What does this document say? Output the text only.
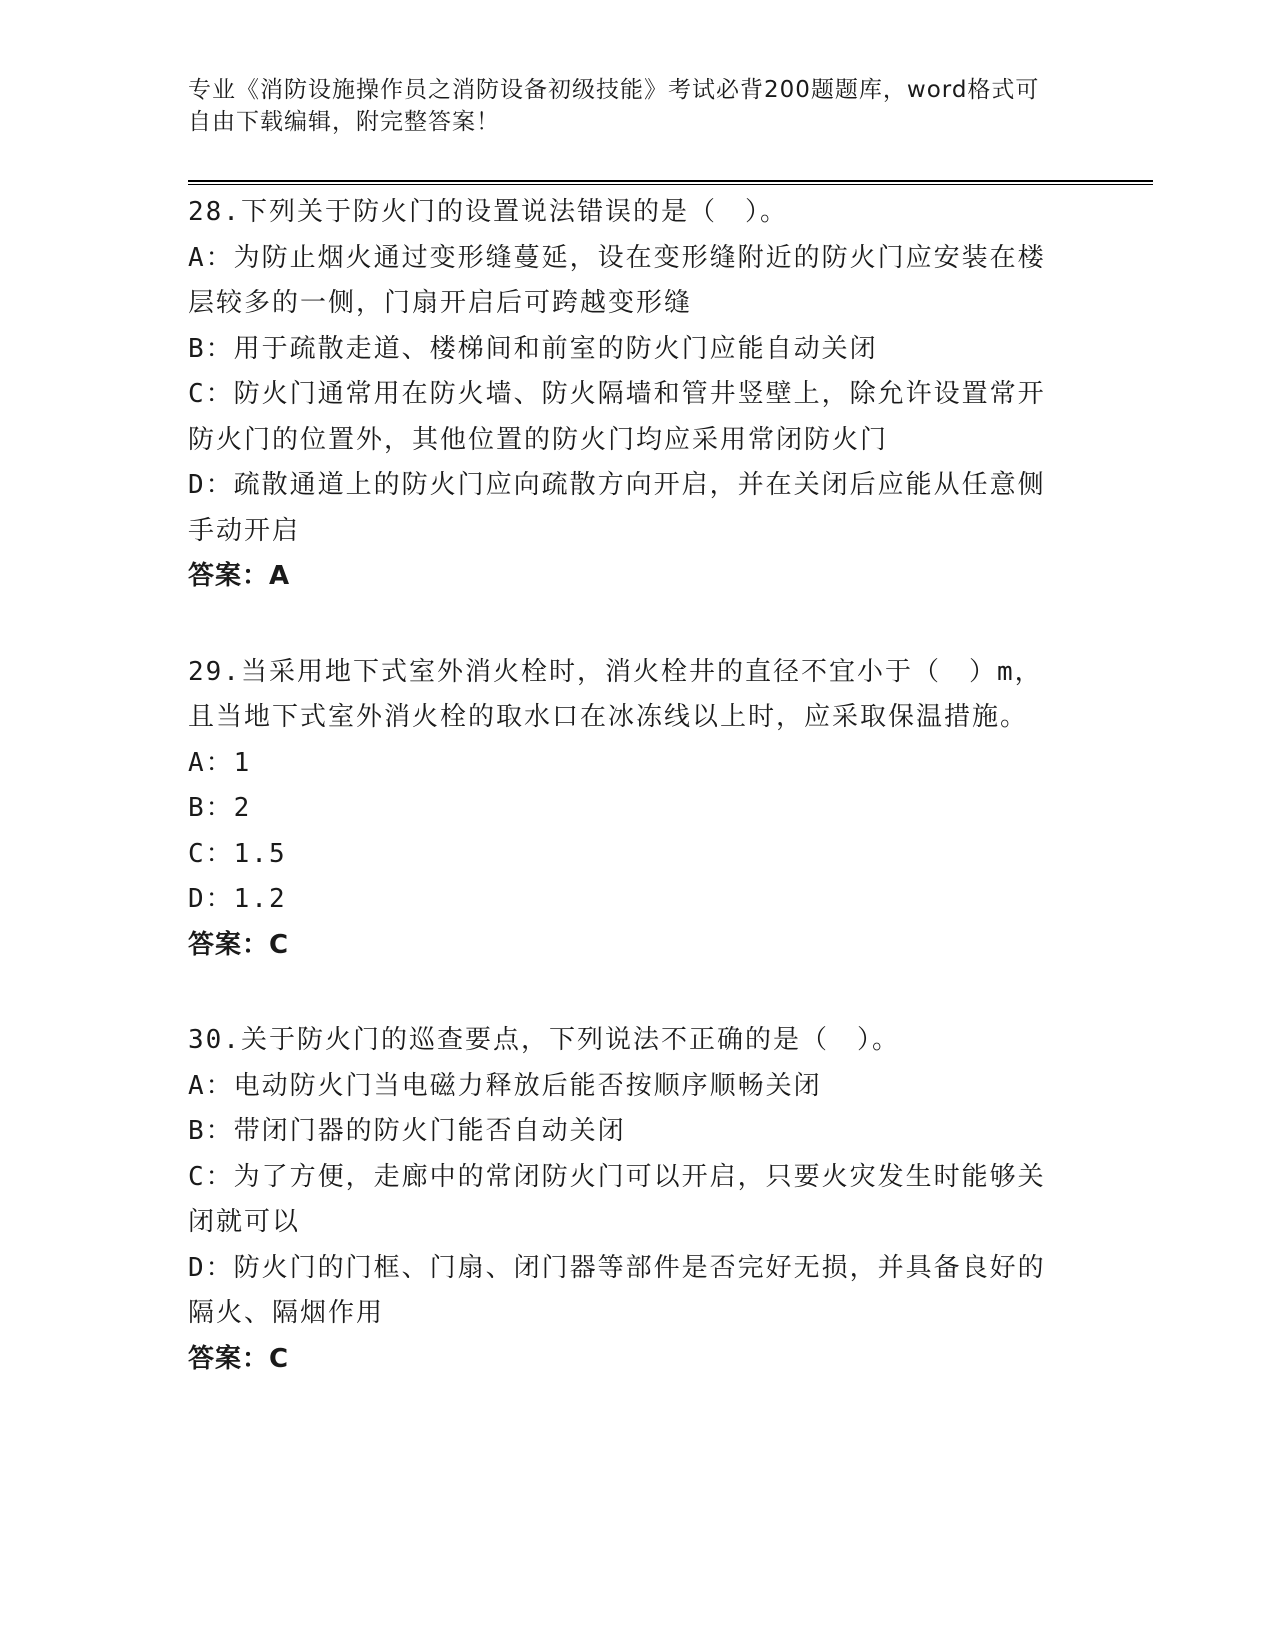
专业《消防设施操作员之消防设备初级技能》考试必背200题题库，word格式可
自由下载编辑，附完整答案！
28.下列关于防火门的设置说法错误的是（　）。
A：为防止烟火通过变形缝蔓延，设在变形缝附近的防火门应安装在楼
层较多的一侧，门扇开启后可跨越变形缝
B：用于疏散走道、楼梯间和前室的防火门应能自动关闭
C：防火门通常用在防火墙、防火隔墙和管井竖壁上，除允许设置常开
防火门的位置外，其他位置的防火门均应采用常闭防火门
D：疏散通道上的防火门应向疏散方向开启，并在关闭后应能从任意侧
手动开启
答案：A
29.当采用地下式室外消火栓时，消火栓井的直径不宜小于（　）m，
且当地下式室外消火栓的取水口在冰冻线以上时，应采取保温措施。
A：1
B：2
C：1.5
D：1.2
答案：C
30.关于防火门的巡查要点，下列说法不正确的是（　）。
A：电动防火门当电磁力释放后能否按顺序顺畅关闭
B：带闭门器的防火门能否自动关闭
C：为了方便，走廊中的常闭防火门可以开启，只要火灾发生时能够关
闭就可以
D：防火门的门框、门扇、闭门器等部件是否完好无损，并具备良好的
隔火、隔烟作用
答案：C
